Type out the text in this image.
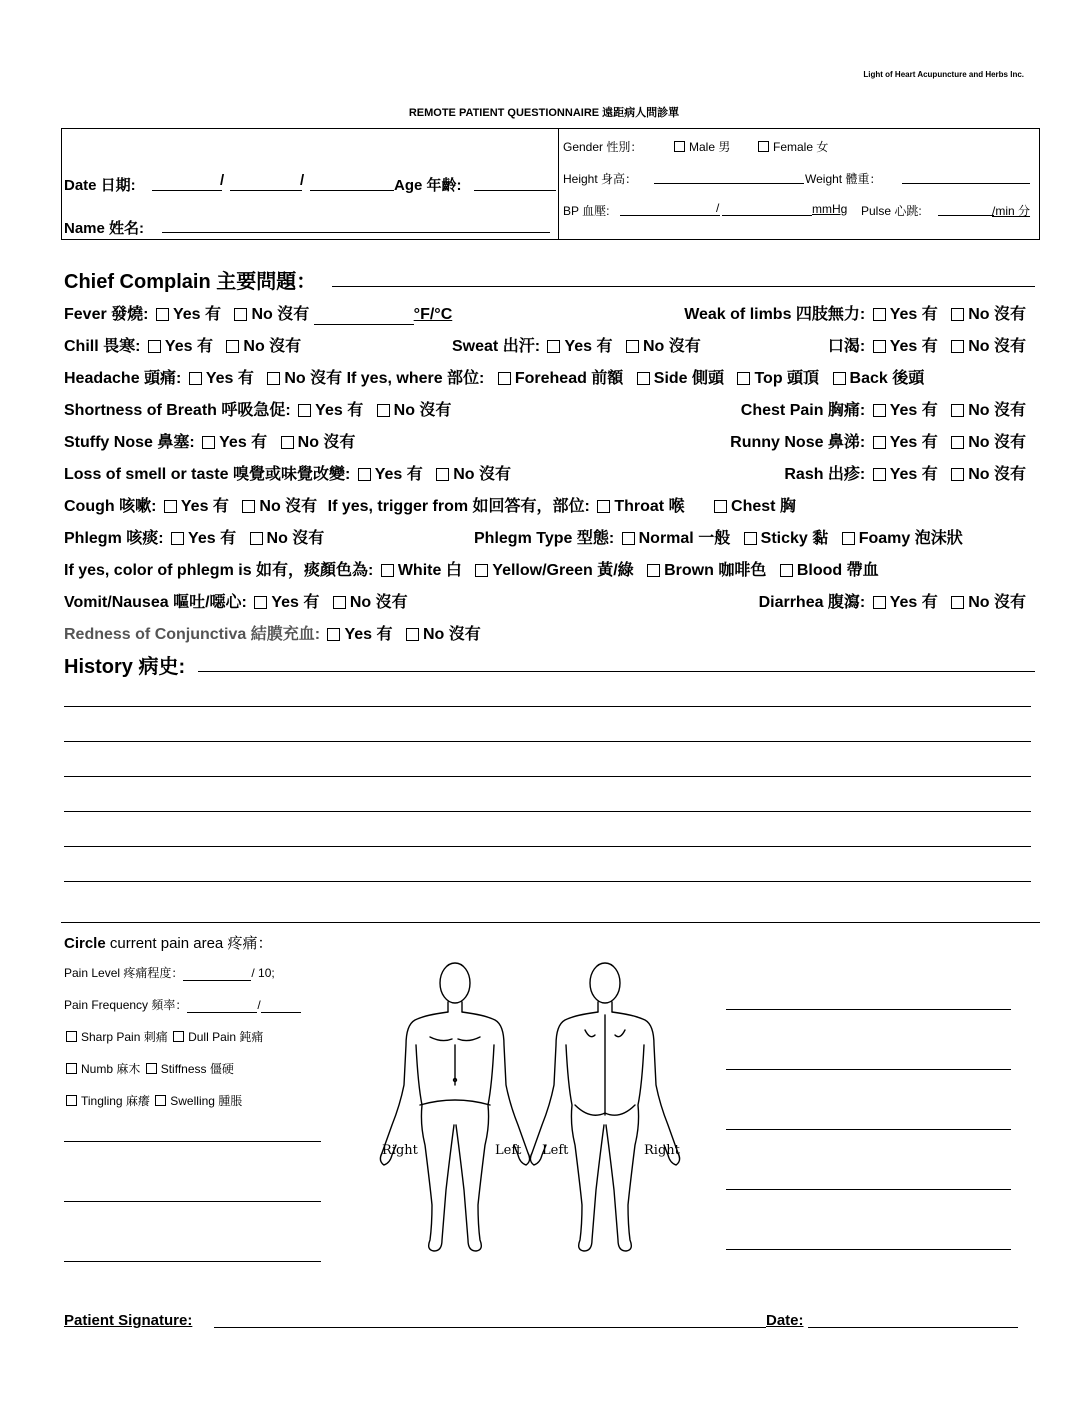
Light of Heart Acupuncture and Herbs Inc.
REMOTE PATIENT QUESTIONNAIRE 遠距病人問診單
Date 日期:	/	/	Age 年齡:
Name 姓名:
Gender 性別：	Male 男	Female 女
Height 身高：	Weight 體重：
BP 血壓:	/	mmHg Pulse 心跳:	/min 分
Chief Complain 主要問題：
Fever 發燒: Yes 有 No 沒有	°F/°C	Weak of limbs 四肢無力: Yes 有 No 沒有
Chill 畏寒: Yes 有 No 沒有	Sweat 出汗: Yes 有 No 沒有	口渴: Yes 有 No 沒有
Headache 頭痛: Yes 有 No 沒有 If yes, where 部位: Forehead 前額 Side 側頭 Top 頭頂 Back 後頭
Shortness of Breath 呼吸急促: Yes 有 No 沒有	Chest Pain 胸痛: Yes 有 No 沒有
Stuffy Nose 鼻塞: Yes 有 No 沒有	Runny Nose 鼻涕: Yes 有 No 沒有
Loss of smell or taste 嗅覺或味覺改變: Yes 有 No 沒有	Rash 出疹: Yes 有 No 沒有
Cough 咳嗽: Yes 有 No 沒有 If yes, trigger from 如回答有，部位: Throat 喉	Chest 胸
Phlegm 咳痰: Yes 有 No 沒有	Phlegm Type 型態: Normal 一般 Sticky 黏 Foamy 泡沫狀
If yes, color of phlegm is 如有，痰顏色為: White 白 Yellow/Green 黃/綠 Brown 咖啡色 Blood 帶血
Vomit/Nausea 嘔吐/噁心: Yes 有 No 沒有	Diarrhea 腹瀉: Yes 有 No 沒有
Redness of Conjunctiva 結膜充血: Yes 有 No 沒有
History 病史:
Circle current pain area 疼痛：
Pain Level 疼痛程度：	/ 10;
Pain Frequency 頻率：	/
Sharp Pain 刺痛 Dull Pain 鈍痛
Numb 麻木 Stiffness 僵硬
Tingling 麻癢 Swelling 腫脹
Right	Left Left	Right
Patient Signature:	Date:
